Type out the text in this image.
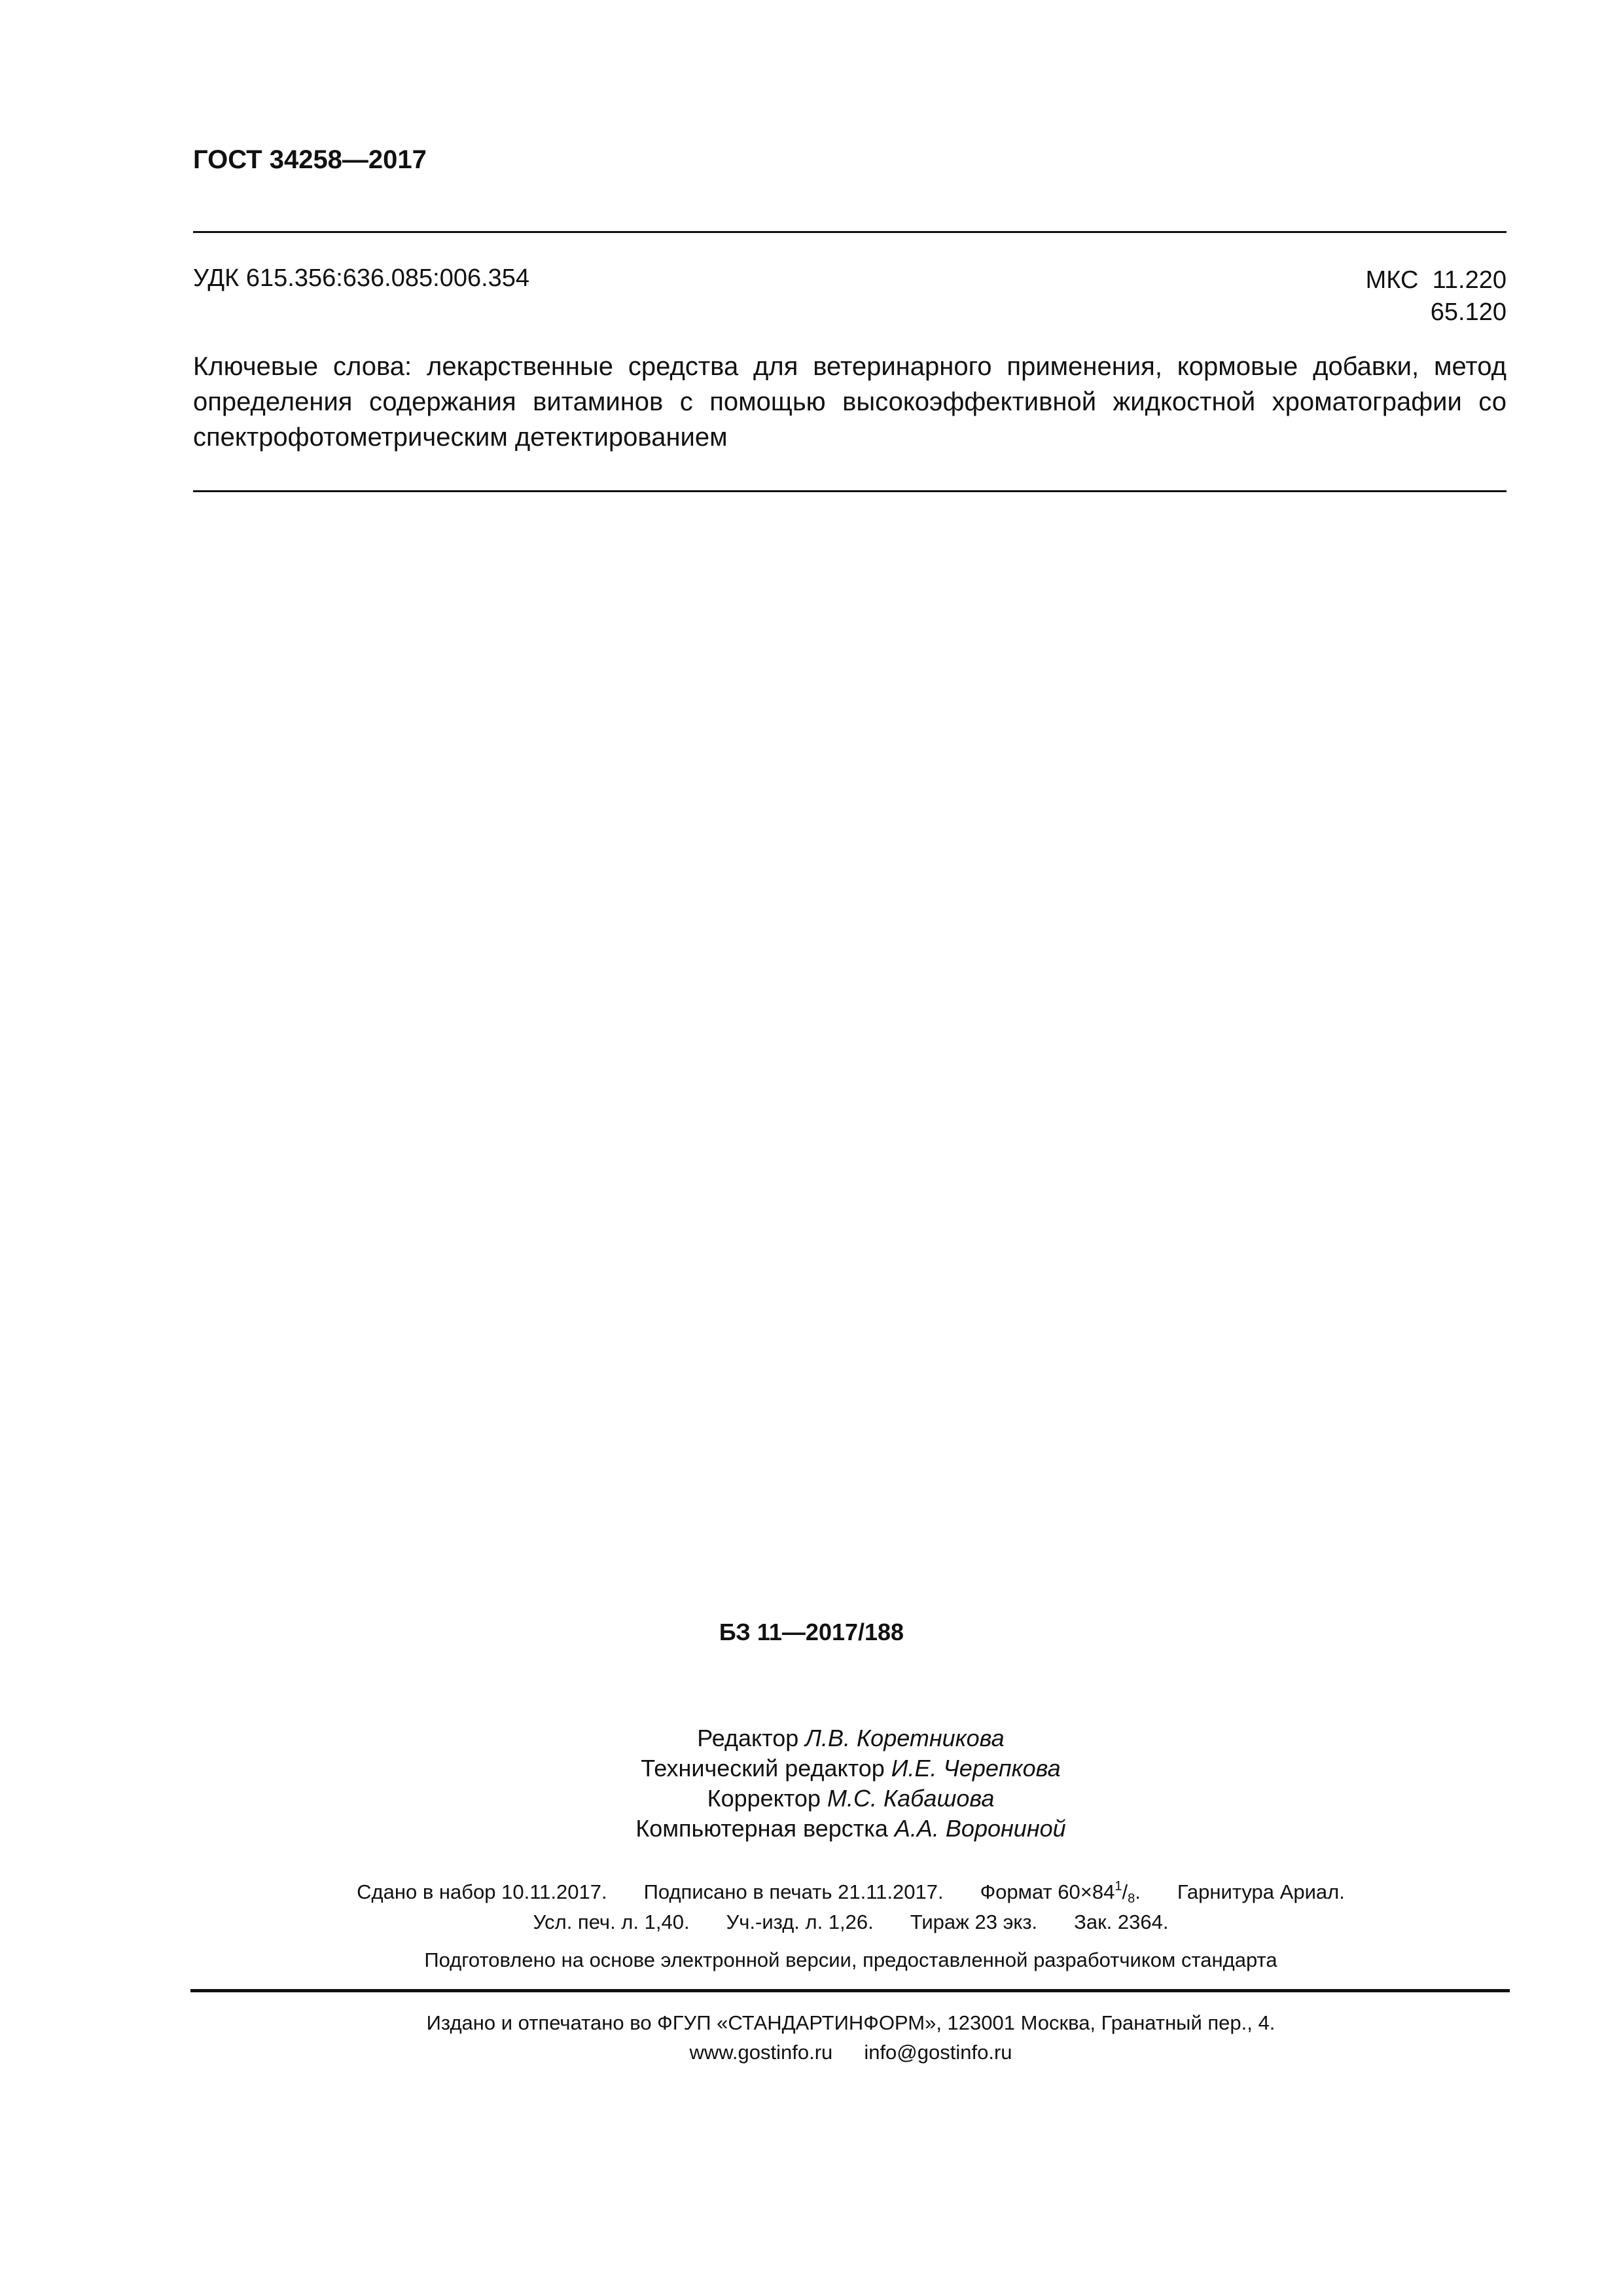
ГОСТ 34258—2017
УДК 615.356:636.085:006.354	МКС 11.220
65.120
Ключевые слова: лекарственные средства для ветеринарного применения, кормовые добавки, метод определения содержания витаминов с помощью высокоэффективной жидкостной хроматографии со спектрофотометрическим детектированием
БЗ 11—2017/188
Редактор Л.В. Коретникова
Технический редактор И.Е. Черепкова
Корректор М.С. Кабашова
Компьютерная верстка А.А. Ворониной
Сдано в набор 10.11.2017. Подписано в печать 21.11.2017. Формат $60\times 84^1/_8$. Гарнитура Ариал.
Усл. печ. л. 1,40. Уч.-изд. л. 1,26. Тираж 23 экз. Зак. 2364.
Подготовлено на основе электронной версии, предоставленной разработчиком стандарта
Издано и отпечатано во ФГУП «СТАНДАРТИНФОРМ», 123001 Москва, Гранатный пер., 4.
www.gostinfo.ru info@gostinfo.ru
